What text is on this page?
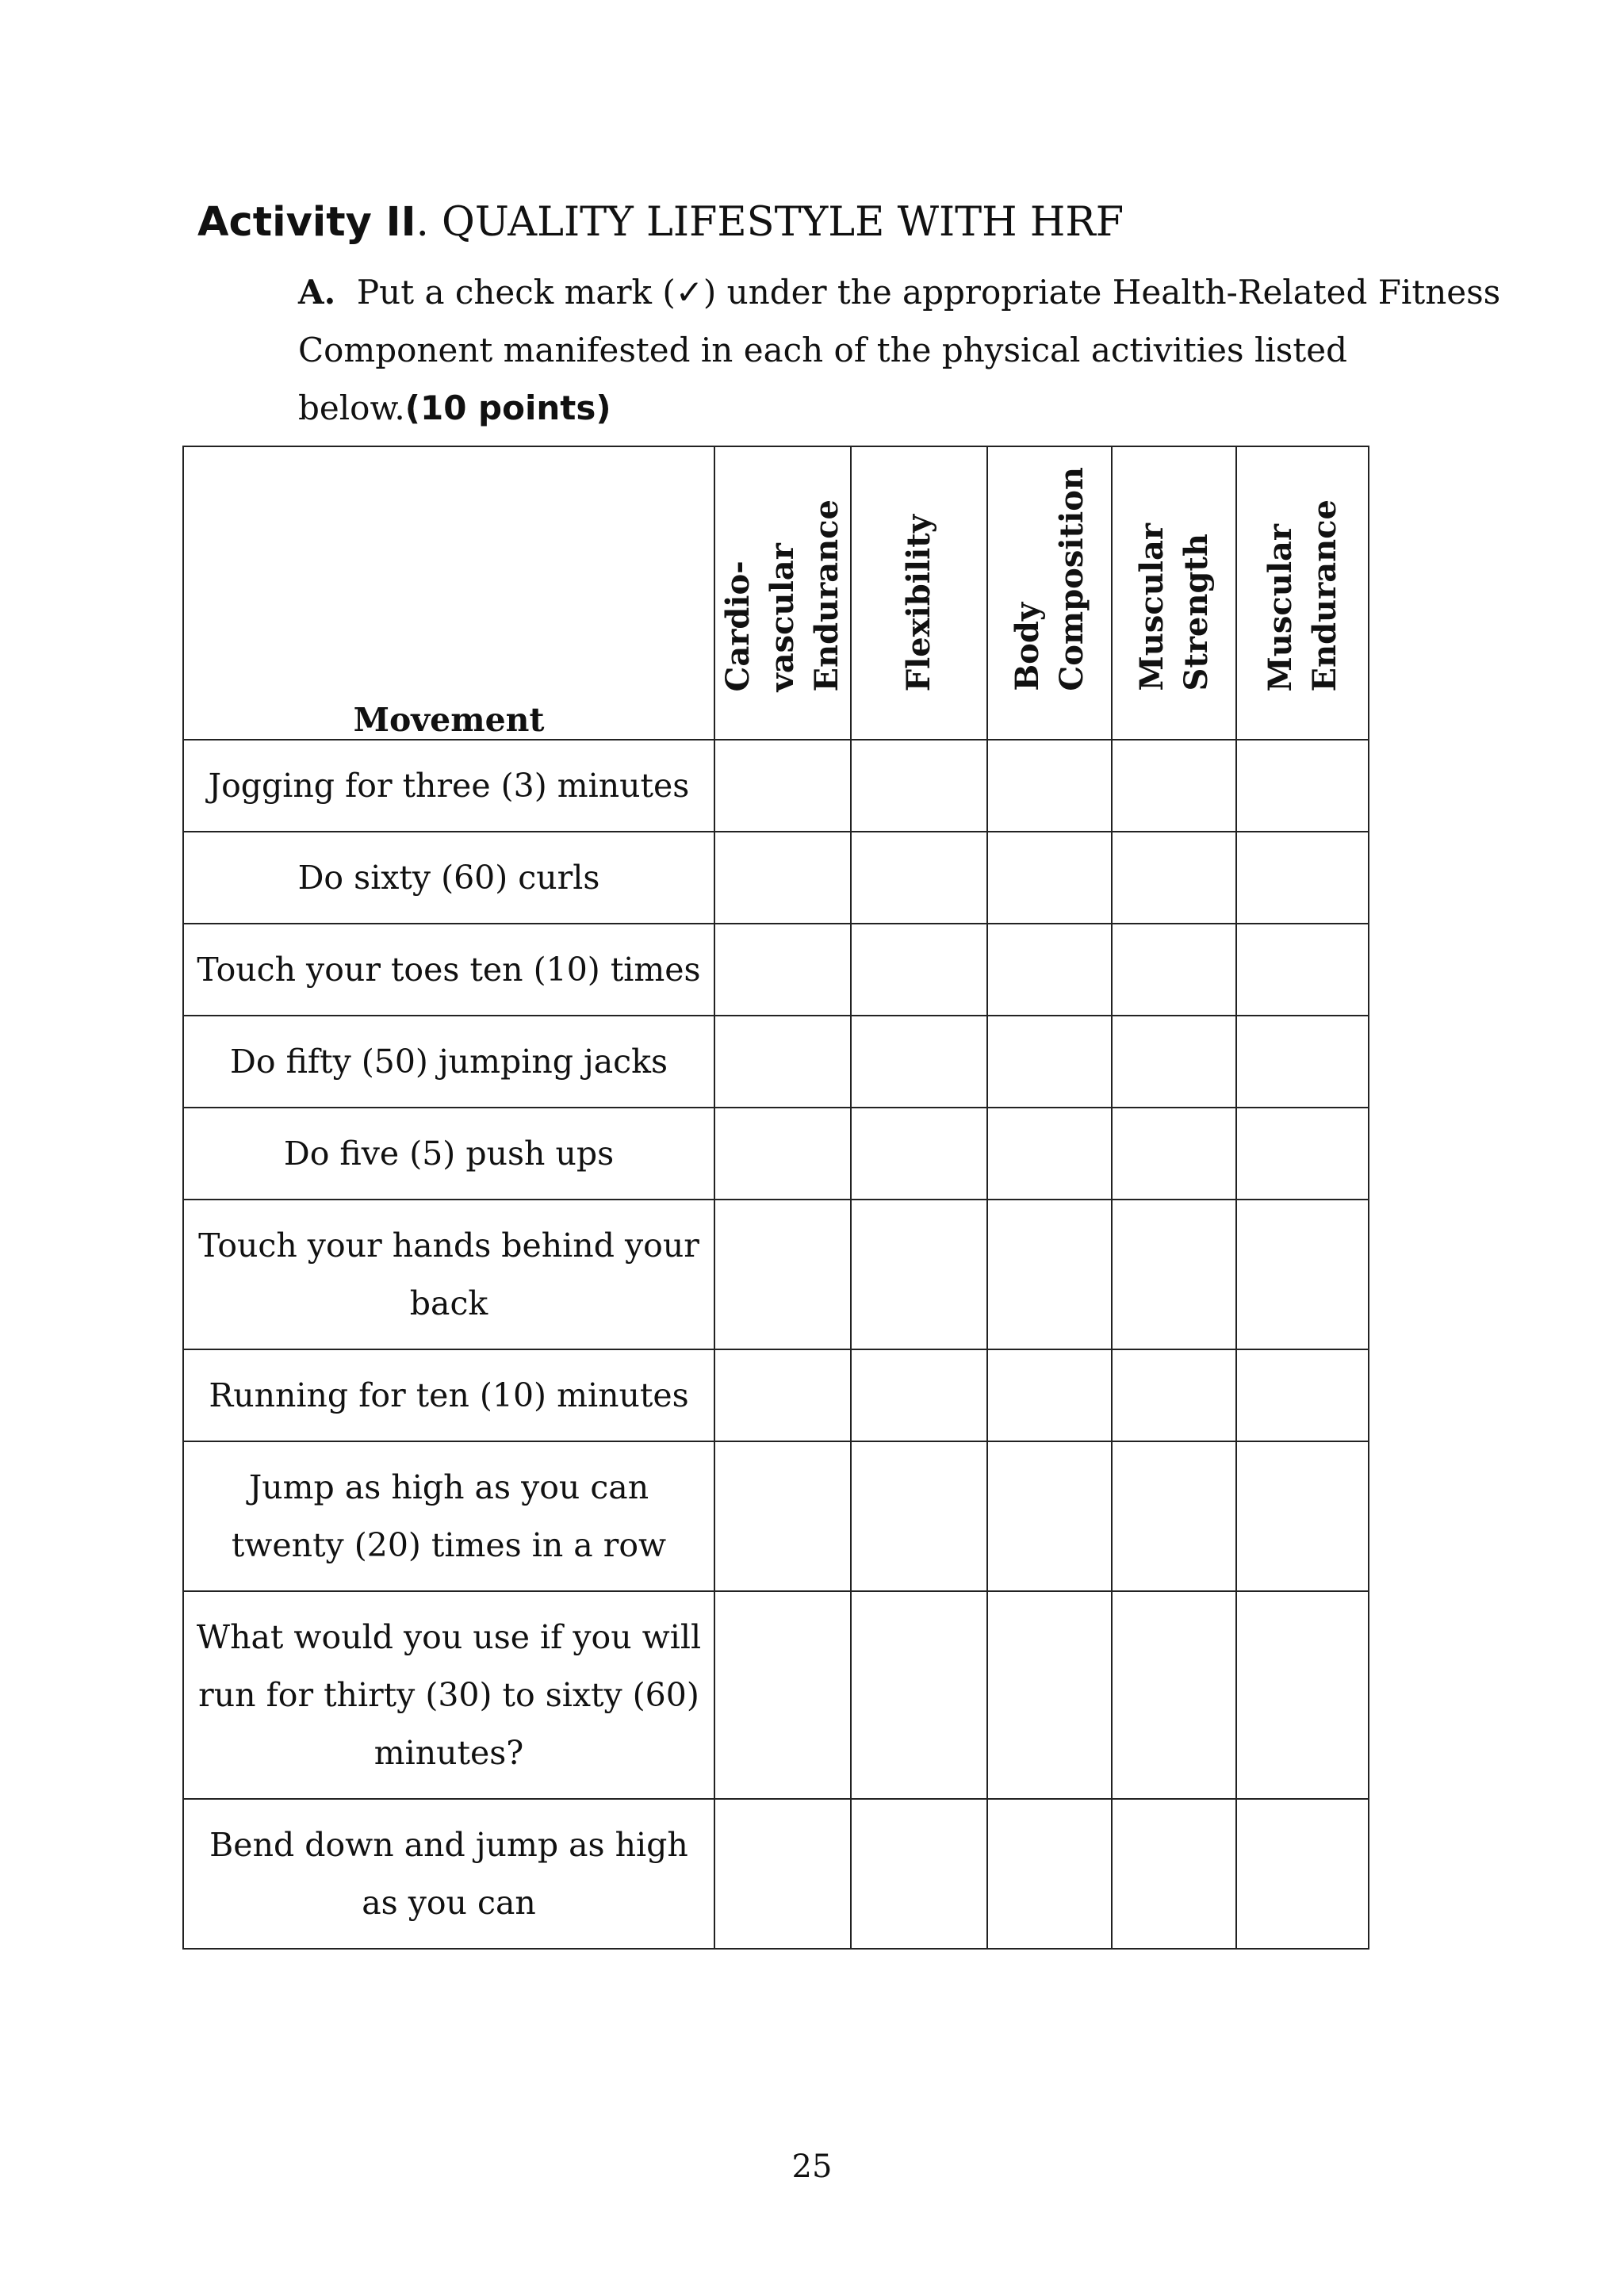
Activity II. QUALITY LIFESTYLE WITH HRF
A. Put a check mark (✓) under the appropriate Health-Related Fitness
Component manifested in each of the physical activities listed
below.(10 points)
Movement	Cardio-
vascular
Endurance	Flexibility	Body
Composition	Muscular
Strength	Muscular
Endurance

Jogging for three (3) minutes					

Do sixty (60) curls					

Touch your toes ten (10) times					

Do fifty (50) jumping jacks					

Do five (5) push ups					

Touch your hands behind your
back					

Running for ten (10) minutes					

Jump as high as you can
twenty (20) times in a row					

What would you use if you will
run for thirty (30) to sixty (60)
minutes?					

Bend down and jump as high
as you can					

25
